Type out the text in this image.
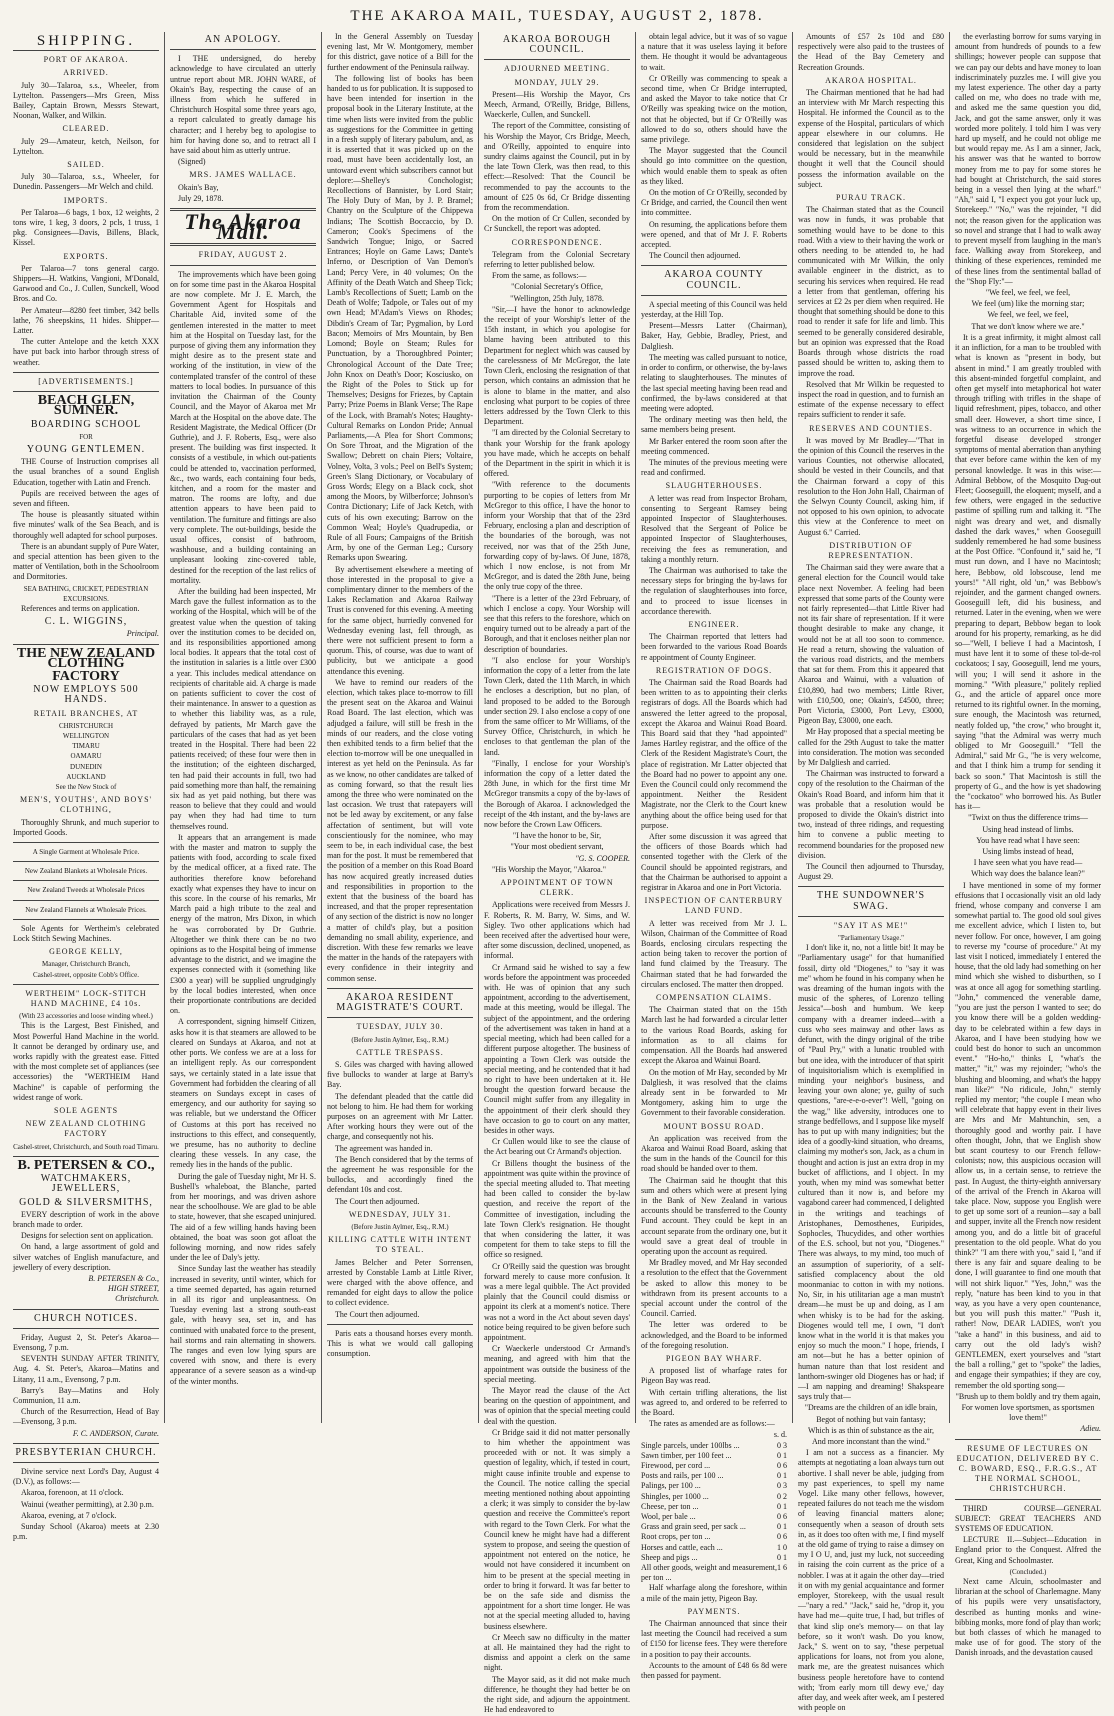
THE AKAROA MAIL, TUESDAY, AUGUST 2, 1878.
SHIPPING.
PORT OF AKAROA.
ARRIVED.

July 30—Talaroa, s.s., Wheeler, from Lyttelton. Passengers—Mrs Green, Miss Bailey, Captain Brown, Messrs Stewart, Noonan, Walker, and Wilkin.

CLEARED.

July 29—Amateur, ketch, Neilson, for Lyttelton.

SAILED.

July 30—Talaroa, s.s., Wheeler, for Dunedin. Passengers—Mr Welch and child.

IMPORTS.

Per Talaroa—6 bags, 1 box, 12 weights, 2 tons wire, 1 keg, 3 doors, 2 pcls, 1 truss, 1 pkg. Consignees—Davis, Billens, Black, Kissel.

EXPORTS.

Per Talaroa—7 tons general cargo. Shippers—H. Watkins, Vangioni, M'Donald, Garwood and Co., J. Cullen, Sunckell, Wood Bros. and Co.

Per Amateur—8280 feet timber, 342 bells lathe, 76 sheepskins, 11 hides. Shipper—Latter.

The cutter Antelope and the ketch XXX have put back into harbor through stress of weather.

[ADVERTISEMENTS.]
BEACH GLEN, SUMNER.
BOARDING SCHOOL
FOR
YOUNG GENTLEMEN.

THE Course of Instruction comprises all the usual branches of a sound English Education, together with Latin and French.

Pupils are received between the ages of seven and fifteen.

The house is pleasantly situated within five minutes' walk of the Sea Beach, and is thoroughly well adapted for school purposes.

There is an abundant supply of Pure Water, and special attention has been given to the matter of Ventilation, both in the Schoolroom and Dormitories.

SEA BATHING, CRICKET, PEDESTRIAN EXCURSIONS.

References and terms on application.

C. L. WIGGINS,
Principal.
THE NEW ZEALAND CLOTHING
FACTORY
NOW EMPLOYS 500 HANDS.
RETAIL BRANCHES, AT
CHRISTCHURCH
WELLINGTON
TIMARU
OAMARU
DUNEDIN
AUCKLAND
See the New Stock of
MEN'S, YOUTHS', AND BOYS' CLOTHING,

Thoroughly Shrunk, and much superior to Imported Goods.

A Single Garment at Wholesale Price.
New Zealand Blankets at Wholesale Prices.
New Zealand Tweeds at Wholesale Prices
New Zealand Flannels at Wholesale Prices.

Sole Agents for Wertheim's celebrated Lock Stitch Sewing Machines.

GEORGE KELLY,
Manager, Christchurch Branch,
Cashel-street, opposite Cobb's Office.
WERTHEIM" LOCK-STITCH HAND MACHINE, £4 10s.
(With 23 accessories and loose winding wheel.)

This is the Largest, Best Finished, and Most Powerful Hand Machine in the world. It cannot be deranged by ordinary use, and works rapidly with the greatest ease. Fitted with the most complete set of appliances (see accessories) the "WERTHEIM Hand Machine" is capable of performing the widest range of work.

SOLE AGENTS
NEW ZEALAND CLOTHING FACTORY
Cashel-street, Christchurch, and South road Timaru.
B. PETERSEN & CO.,
WATCHMAKERS, JEWELLERS,
GOLD & SILVERSMITHS,

EVERY description of work in the above branch made to order.

Designs for selection sent on application.

On hand, a large assortment of gold and silver watches of English manufacture, and jewellery of every description.

B. PETERSEN & Co.,
HIGH STREET,
Christchurch.
CHURCH NOTICES.

Friday, August 2, St. Peter's Akaroa—Evensong, 7 p.m.

SEVENTH SUNDAY AFTER TRINITY, Aug. 4. St. Peter's, Akaroa—Matins and Litany, 11 a.m., Evensong, 7 p.m.

Barry's Bay—Matins and Holy Communion, 11 a.m.

Church of the Resurrection, Head of Bay—Evensong, 3 p.m.

F. C. ANDERSON, Curate.
PRESBYTERIAN CHURCH.

Divine service next Lord's Day, August 4 (D.V.), as follows:—

Akaroa, forenoon, at 11 o'clock.

Wainui (weather permitting), at 2.30 p.m.

Akaroa, evening, at 7 o'clock.

Sunday School (Akaroa) meets at 2.30 p.m.

AN APOLOGY.

I THE undersigned, do hereby acknowledge to have circulated an utterly untrue report about MR. JOHN WARE, of Okain's Bay, respecting the cause of an illness from which he suffered in Christchurch Hospital some three years ago, a report calculated to greatly damage his character; and I hereby beg to apologise to him for having done so, and to retract all I have said about him as utterly untrue.

(Signed)

MRS. JAMES WALLACE.

Okain's Bay,

July 29, 1878.

The Akaroa Mail.
FRIDAY, AUGUST 2.

The improvements which have been going on for some time past in the Akaroa Hospital are now complete. Mr J. E. March, the Government Agent for Hospitals and Charitable Aid, invited some of the gentlemen interested in the matter to meet him at the Hospital on Tuesday last, for the purpose of giving them any information they might desire as to the present state and working of the institution, in view of the contemplated transfer of the control of these matters to local bodies. In pursuance of this invitation the Chairman of the County Council, and the Mayor of Akaroa met Mr March at the Hospital on the above date. The Resident Magistrate, the Medical Officer (Dr Guthrie), and J. F. Roberts, Esq., were also present. The building was first inspected. It consists of a vestibule, in which out-patients could be attended to, vaccination performed, &c., two wards, each containing four beds, kitchen, and a room for the master and matron. The rooms are lofty, and due attention appears to have been paid to ventilation. The furniture and fittings are also very complete. The out-buildings, beside the usual offices, consist of bathroom, washhouse, and a building containing an unpleasant looking zinc-covered table, destined for the reception of the last relics of mortality.

After the building had been inspected, Mr March gave the fullest information as to the working of the Hospital, which will be of the greatest value when the question of taking over the institution comes to be decided on, and its responsibilities apportioned among local bodies. It appears that the total cost of the institution in salaries is a little over £300 a year. This includes medical attendance on recipients of charitable aid. A charge is made on patients sufficient to cover the cost of their maintenance. In answer to a question as to whether this liability was, as a rule, defrayed by patients, Mr March gave the particulars of the cases that had as yet been treated in the Hospital. There had been 22 patients received; of these four were then in the institution; of the eighteen discharged, ten had paid their accounts in full, two had paid something more than half, the remaining six had as yet paid nothing, but there was reason to believe that they could and would pay when they had had time to turn themselves round.

It appears that an arrangement is made with the master and matron to supply the patients with food, according to scale fixed by the medical officer, at a fixed rate. The authorities therefore know beforehand exactly what expenses they have to incur on this score. In the course of his remarks, Mr March paid a high tribute to the zeal and energy of the matron, Mrs Dixon, in which he was corroborated by Dr Guthrie. Altogether we think there can be no two opinions as to the Hospital being of immense advantage to the district, and we imagine the expenses connected with it (something like £300 a year) will be supplied ungrudgingly by the local bodies interested, when once their proportionate contributions are decided on.

A correspondent, signing himself Citizen, asks how it is that steamers are allowed to be cleared on Sundays at Akaroa, and not at other ports. We confess we are at a loss for an intelligent reply. As our correspondent says, we certainly stated in a late issue that Government had forbidden the clearing of all steamers on Sundays except in cases of emergency, and our authority for saying so was reliable, but we understand the Officer of Customs at this port has received no instructions to this effect, and consequently, we presume, has no authority to decline clearing these vessels. In any case, the remedy lies in the hands of the public.

During the gale of Tuesday night, Mr H. S. Bushell's whaleboat, the Blanche, parted from her moorings, and was driven ashore near the schoolhouse. We are glad to be able to state, however, that she escaped uninjured. The aid of a few willing hands having been obtained, the boat was soon got afloat the following morning, and now rides safely under the lee of Daly's jetty.

Since Sunday last the weather has steadily increased in severity, until winter, which for a time seemed departed, has again returned in all its rigor and unpleasantness. On Tuesday evening last a strong south-east gale, with heavy sea, set in, and has continued with unabated force to the present, hail storms and rain alternating in showers. The ranges and even low lying spurs are covered with snow, and there is every appearance of a severe season as a wind-up of the winter months.

In the General Assembly on Tuesday evening last, Mr W. Montgomery, member for this district, gave notice of a Bill for the further endowment of the Peninsula railway.

The following list of books has been handed to us for publication. It is supposed to have been intended for insertion in the proposal book in the Literary Institute, at the time when lists were invited from the public as suggestions for the Committee in getting in a fresh supply of literary pabulum, and, as it is asserted that it was picked up on the road, must have been accidentally lost, an untoward event which subscribers cannot but deplore:—Shelley's Conchologist; Recollections of Bannister, by Lord Stair; The Holy Duty of Man, by J. P. Bramel; Chantry on the Sculpture of the Chippewa Indians; The Scottish Boccaccio, by D. Cameron; Cook's Specimens of the Sandwich Tongue; Inigo, or Sacred Entrances; Hoyle on Game Laws; Dante's Inferno, or Description of Van Demon's Land; Percy Vere, in 40 volumes; On the Affinity of the Death Watch and Sheep Tick; Lamb's Recollections of Suett; Lamb on the Death of Wolfe; Tadpole, or Tales out of my own Head; M'Adam's Views on Rhodes; Dibdin's Cream of Tar; Pygmalion, by Lord Bacon; Memoirs of Mrs Mountain, by Ben Lomond; Boyle on Steam; Rules for Punctuation, by a Thoroughbred Pointer; Chronological Account of the Date Tree; John Knox on Death's Door; Kosciusko, on the Right of the Poles to Stick up for Themselves; Designs for Friezes, by Captain Parry; Prize Poems in Blank Verse; The Rape of the Lock, with Bramah's Notes; Haughty-Cultural Remarks on London Pride; Annual Parliaments,—A Plea for Short Commons; On Sore Throat, and the Migration of the Swallow; Debrett on chain Piers; Voltaire, Volney, Volta, 3 vols.; Peel on Bell's System; Green's Slang Dictionary, or Vocabulary of Gross Words; Elegy on a Black cock, shot among the Moors, by Wilberforce; Johnson's Contra Dictionary; Life of Jack Ketch, with cuts of his own executing; Barrow on the Common Weal; Hoyle's Quadrupedia, or Rule of all Fours; Campaigns of the British Arm, by one of the German Leg.; Cursory Remarks upon Swearing.

By advertisement elsewhere a meeting of those interested in the proposal to give a complimentary dinner to the members of the Lakes Reclamation and Akaroa Railway Trust is convened for this evening. A meeting for the same object, hurriedly convened for Wednesday evening last, fell through, as there were not sufficient present to form a quorum. This, of course, was due to want of publicity, but we anticipate a good attendance this evening.

We have to remind our readers of the election, which takes place to-morrow to fill the present seat on the Akaroa and Wainui Road Board. The last election, which was adjudged a failure, will still be fresh in the minds of our readers, and the close voting then exhibited tends to a firm belief that the election to-morrow will be one unequalled in interest as yet held on the Peninsula. As far as we know, no other candidates are talked of as coming forward, so that the result lies among the three who were nominated on the last occasion. We trust that ratepayers will not be led away by excitement, or any false affectation of sentiment, but will vote conscientiously for the nominee, who may seem to be, in each individual case, the best man for the post. It must be remembered that the position of a member on this Road Board has now acquired greatly increased duties and responsibilities in proportion to the extent that the business of the board has increased, and that the proper representation of any section of the district is now no longer a matter of child's play, but a position demanding no small ability, experience, and discretion. With these few remarks we leave the matter in the hands of the ratepayers with every confidence in their integrity and common sense.

AKAROA RESIDENT MAGISTRATE'S COURT.
TUESDAY, JULY 30.
(Before Justin Aylmer, Esq., R.M.)
CATTLE TRESPASS.

S. Giles was charged with having allowed five bullocks to wander at large at Barry's Bay.

The defendant pleaded that the cattle did not belong to him. He had them for working purposes on an agreement with Mr Latter. After working hours they were out of the charge, and consequently not his.

The agreement was handed in.

The Bench considered that by the terms of the agreement he was responsible for the bullocks, and accordingly fined the defendant 10s and cost.

The Court then adjourned.

WEDNESDAY, JULY 31.
(Before Justin Aylmer, Esq., R.M.)
KILLING CATTLE WITH INTENT TO STEAL.

James Belcher and Peter Sorrensen, arrested by Constable Lamb at Little River, were charged with the above offence, and remanded for eight days to allow the police to collect evidence.

The Court then adjourned.

Paris eats a thousand horses every month. This is what we would call galloping consumption.

AKAROA BOROUGH COUNCIL.
ADJOURNED MEETING.
MONDAY, JULY 29.

Present—His Worship the Mayor, Crs Meech, Armand, O'Reilly, Bridge, Billens, Waeckerle, Cullen, and Sunckell.

The report of the Committee, consisting of his Worship the Mayor, Crs Bridge, Meech, and O'Reilly, appointed to enquire into sundry claims against the Council, put in by the late Town Clerk, was then read, to this effect:—Resolved: That the Council be recommended to pay the accounts to the amount of £25 0s 6d, Cr Bridge dissenting from the recommendation.

On the motion of Cr Cullen, seconded by Cr Sunckell, the report was adopted.

CORRESPONDENCE.

Telegram from the Colonial Secretary referring to letter published below.

From the same, as follows:—

"Colonial Secretary's Office,

"Wellington, 25th July, 1878.

"Sir,—I have the honor to acknowledge the receipt of your Worship's letter of the 15th instant, in which you apologise for blame having been attributed to this Department for neglect which was caused by the carelessness of Mr McGregor, the late Town Clerk, enclosing the resignation of that person, which contains an admission that he is alone to blame in the matter, and also enclosing what purport to be copies of three letters addressed by the Town Clerk to this Department.

"I am directed by the Colonial Secretary to thank your Worship for the frank apology you have made, which he accepts on behalf of the Department in the spirit in which it is offered.

"With reference to the documents purporting to be copies of letters from Mr McGregor to this office, I have the honor to inform your Worship that that of the 23rd February, enclosing a plan and description of the boundaries of the borough, was not received, nor was that of the 25th June, forwarding copy of by-laws. Of June, 1878, which I now enclose, is not from Mr McGregor, and is dated the 28th June, being the only true copy of the three.

"There is a letter of the 23rd February, of which I enclose a copy. Your Worship will see that this refers to the foreshore, which on enquiry turned out to be already a part of the Borough, and that it encloses neither plan nor description of boundaries.

"I also enclose for your Worship's information the copy of a letter from the late Town Clerk, dated the 11th March, in which he encloses a description, but no plan, of land proposed to be added to the Borough under section 29. I also enclose a copy of one from the same officer to Mr Williams, of the Survey Office, Christchurch, in which he encloses to that gentleman the plan of the land.

"Finally, I enclose for your Worship's information the copy of a letter dated the 28th June, in which for the first time Mr McGregor transmits a copy of the by-laws of the Borough of Akaroa. I acknowledged the receipt of the 4th instant, and the by-laws are now before the Crown Law Officers.

"I have the honor to be, Sir,

"Your most obedient servant,

"G. S. COOPER.

"His Worship the Mayor, "Akaroa."

APPOINTMENT OF TOWN CLERK.

Applications were received from Messrs J. F. Roberts, R. M. Barry, W. Sims, and W. Sigley. Two other applications which had been received after the advertised hour were, after some discussion, declined, unopened, as informal.

Cr Armand said he wished to say a few words before the appointment was proceeded with. He was of opinion that any such appointment, according to the advertisement, made at this meeting, would be illegal. The subject of the appointment, and the ordering of the advertisement was taken in hand at a special meeting, which had been called for a different purpose altogether. The business of appointing a Town Clerk was outside the special meeting, and he contended that it had no right to have been undertaken at it. He brought the question forward because the Council might suffer from any illegality in the appointment of their clerk should they have occasion to go to court on any matter, besides in other ways.

Cr Cullen would like to see the clause of the Act bearing out Cr Armand's objection.

Cr Billens thought the business of the appointment was quite within the province of the special meeting alluded to. That meeting had been called to consider the by-law question, and receive the report of the Committee of investigation, including the late Town Clerk's resignation. He thought that when considering the latter, it was competent for them to take steps to fill the office so resigned.

Cr O'Reilly said the question was brought forward merely to cause more confusion. It was a mere legal quibble. The Act provided plainly that the Council could dismiss or appoint its clerk at a moment's notice. There was not a word in the Act about seven days' notice being required to be given before such appointment.

Cr Waeckerle understood Cr Armand's meaning, and agreed with him that the appointment was outside the business of the special meeting.

The Mayor read the clause of the Act bearing on the question of appointment, and was of opinion that the special meeting could deal with the question.

Cr Bridge said it did not matter personally to him whether the appointment was proceeded with or not. It was simply a question of legality, which, if tested in court, might cause infinite trouble and expense to the Council. The notice calling the special meeting mentioned nothing about appointing a clerk; it was simply to consider the by-law question and receive the Committee's report with regard to the Town Clerk. For what the Council knew he might have had a different system to propose, and seeing the question of appointment not entered on the notice, he would not have considered it incumbent on him to be present at the special meeting in order to bring it forward. It was far better to be on the safe side and dismiss the appointment for a short time longer. He was not at the special meeting alluded to, having business elsewhere.

Cr Meech saw no difficulty in the matter at all. He maintained they had the right to dismiss and appoint a clerk on the same night.

The Mayor said, as it did not make much difference, he thought they had better be on the right side, and adjourn the appointment. He had endeavored to

obtain legal advice, but it was of so vague a nature that it was useless laying it before them. He thought it would be advantageous to wait.

Cr O'Reilly was commencing to speak a second time, when Cr Bridge interrupted, and asked the Mayor to take notice that Cr O'Reilly was speaking twice on the motion, not that he objected, but if Cr O'Reilly was allowed to do so, others should have the same privilege.

The Mayor suggested that the Council should go into committee on the question, which would enable them to speak as often as they liked.

On the motion of Cr O'Reilly, seconded by Cr Bridge, and carried, the Council then went into committee.

On resuming, the applications before them were opened, and that of Mr J. F. Roberts accepted.

The Council then adjourned.

AKAROA COUNTY COUNCIL.

A special meeting of this Council was held yesterday, at the Hill Top.

Present—Messrs Latter (Chairman), Baker, Hay, Gebbie, Bradley, Priest, and Dalgliesh.

The meeting was called pursuant to notice, in order to confirm, or otherwise, the by-laws relating to slaughterhouses. The minutes of the last special meeting having been read and confirmed, the by-laws considered at that meeting were adopted.

The ordinary meeting was then held, the same members being present.

Mr Barker entered the room soon after the meeting commenced.

The minutes of the previous meeting were read and confirmed.

SLAUGHTERHOUSES.

A letter was read from Inspector Broham, consenting to Sergeant Ramsey being appointed Inspector of Slaughterhouses. Resolved that the Sergeant of Police be appointed Inspector of Slaughterhouses, receiving the fees as remuneration, and taking a monthly return.

The Chairman was authorised to take the necessary steps for bringing the by-laws for the regulation of slaughterhouses into force, and to proceed to issue licenses in accordance therewith.

ENGINEER.

The Chairman reported that letters had been forwarded to the various Road Boards re appointment of County Engineer.

REGISTRATION OF DOGS.

The Chairman said the Road Boards had been written to as to appointing their clerks registrars of dogs. All the Boards which had answered the letter agreed to the proposal, except the Akaroa and Wainui Road Board. This Board said that they "had appointed" James Hartley registrar, and the office of the Clerk of the Resident Magistrate's Court, the place of registration. Mr Latter objected that the Board had no power to appoint any one. Even the Council could only recommend the appointment. Neither the Resident Magistrate, nor the Clerk to the Court knew anything about the office being used for that purpose.

After some discussion it was agreed that the officers of those Boards which had consented together with the Clerk of the Council should be appointed registrars, and that the Chairman be authorised to appoint a registrar in Akaroa and one in Port Victoria.

INSPECTION OF CANTERBURY LAND FUND.

A letter was received from Mr J. L. Wilson, Chairman of the Committee of Road Boards, enclosing circulars respecting the action being taken to recover the portion of land fund claimed by the Treasury. The Chairman stated that he had forwarded the circulars enclosed. The matter then dropped.

COMPENSATION CLAIMS.

The Chairman stated that on the 15th March last he had forwarded a circular letter to the various Road Boards, asking for information as to all claims for compensation. All the Boards had answered except the Akaroa and Wainui Board.

On the motion of Mr Hay, seconded by Mr Dalgliesh, it was resolved that the claims already sent in be forwarded to Mr Montgomery, asking him to urge the Government to their favorable consideration.

MOUNT BOSSU ROAD.

An application was received from the Akaroa and Wainui Road Board, asking that the sum in the hands of the Council for this road should be handed over to them.

The Chairman said he thought that this sum and others which were at present lying in the Bank of New Zealand in various accounts should be transferred to the County Fund account. They could be kept in an account separate from the ordinary one, but it would save a great deal of trouble in operating upon the account as required.

Mr Bradley moved, and Mr Hay seconded a resolution to the effect that the Government be asked to allow this money to be withdrawn from its present accounts to a special account under the control of the Council. Carried.

The letter was ordered to be acknowledged, and the Board to be informed of the foregoing resolution.

PIGEON BAY WHARF.

A proposed list of wharfage rates for Pigeon Bay was read.

With certain trifling alterations, the list was agreed to, and ordered to be referred to the Board.

The rates as amended are as follows:—

s. d.
Single parcels, under 100lbs ...	0 3
Sawn timber, per 100 feet ...	0 1
Firewood, per cord ...	0 6
Posts and rails, per 100 ...	0 1
Palings, per 100 ...	0 3
Shingles, per 1000 ...	0 2
Cheese, per ton ...	0 1
Wool, per bale ...	0 6
Grass and grain seed, per sack ...	0 1
Root crops, per ton ...	0 6
Horses and cattle, each ...	1 0
Sheep and pigs ...	0 1
All other goods, weight and measurement, per ton ...
1 6

Half wharfage along the foreshore, within a mile of the main jetty, Pigeon Bay.

PAYMENTS.

The Chairman announced that since their last meeting the Council had received a sum of £150 for license fees. They were therefore in a position to pay their accounts.

Accounts to the amount of £48 6s 8d were then passed for payment.

Amounts of £57 2s 10d and £80 respectively were also paid to the trustees of the Head of the Bay Cemetery and Recreation Grounds.

AKAROA HOSPITAL.

The Chairman mentioned that he had had an interview with Mr March respecting this Hospital. He informed the Council as to the expense of the Hospital, particulars of which appear elsewhere in our columns. He considered that legislation on the subject would be necessary, but in the meanwhile thought it well that the Council should possess the information available on the subject.

PURAU TRACK.

The Chairman stated that as the Council was now in funds, it was probable that something would have to be done to this road. With a view to their having the work or others needing to be attended to, he had communicated with Mr Wilkin, the only available engineer in the district, as to securing his services when required. He read a letter from that gentleman, offering his services at £2 2s per diem when required. He thought that something should be done to this road to render it safe for life and limb. This seemed to be generally considered desirable, but an opinion was expressed that the Road Boards through whose districts the road passed should be written to, asking them to improve the road.

Resolved that Mr Wilkin be requested to inspect the road in question, and to furnish an estimate of the expense necessary to effect repairs sufficient to render it safe.

RESERVES AND COUNTIES.

It was moved by Mr Bradley—"That in the opinion of this Council the reserves in the various Counties, not otherwise allocated, should be vested in their Councils, and that the Chairman forward a copy of this resolution to the Hon John Hall, Chairman of the Selwyn County Council, asking him, if not opposed to his own opinion, to advocate this view at the Conference to meet on August 6." Carried.

DISTRIBUTION OF REPRESENTATION.

The Chairman said they were aware that a general election for the Council would take place next November. A feeling had been expressed that some parts of the County were not fairly represented—that Little River had not its fair share of representation. If it were thought desirable to make any change, it would not be at all too soon to commence. He read a return, showing the valuation of the various road districts, and the members that sat for them. From this it appeared that Akaroa and Wainui, with a valuation of £10,890, had two members; Little River, with £10,500, one; Okain's, £4500, three; Port Victoria, £3000, Port Levy, £3000, Pigeon Bay, £3000, one each.

Mr Hay proposed that a special meeting be called for the 29th August to take the matter into consideration. The motion was seconded by Mr Dalgliesh and carried.

The Chairman was instructed to forward a copy of the resolution to the Chairman of the Okain's Road Board, and inform him that it was probable that a resolution would be proposed to divide the Okain's district into two, instead of three ridings, and requesting him to convene a public meeting to recommend boundaries for the proposed new division.

The Council then adjourned to Thursday, August 29.

THE SUNDOWNER'S SWAG.
"SAY IT AS ME!"
"Parliamentary Usage."

I don't like it, no, not a little bit! It may be "Parliamentary usage" for that humanified fossil, dirty old "Diogenes," to "say it was me" whom he found in his company when he was dreaming of the human ingots with the music of the spheres, of Lorenzo telling Jessica"—bosh and humbum. We keep company with a dreamer indeed—with a cuss who sees mainway and other laws as defunct, with the dingy original of the tribe of "Paul Pry," with a lunatic troubled with but one idea, with the introducer of that spirit of inquisitorialism which is exemplified in minding your neighbor's business, and leaving your own alone; ye, guilty of such questions, "are-e-e-o-ever"! Well, "going on the wag," like adversity, introduces one to strange bedfellows, and I suppose like myself has to put up with many indignities; but the idea of a goodly-kind situation, who dreams, claiming my mother's son, Jack, as a chum in thought and action is just an extra drop in my bucket of afflictions, and I object. In my youth, when my mind was somewhat better cultured than it now is, and before my vagabond career had commenced, I delighted in the writings and teachings of Aristophanes, Demosthenes, Euripides, Sophocles, Thucydides, and other worthies of the E.S. school, but not you, "Diogenes." There was always, to my mind, too much of an assumption of superiority, of a self-satisfied complacency about the old moonmaniac to cotton in with my notions. No, Sir, in his utilitarian age a man mustn't dream—he must be up and doing, as I am when whisky is to be had for the asking. Diogenes would tell me, I own, "I don't know what in the world it is that makes you enjoy so much the moon." I hope, friends, I am not—but he has a better opinion of human nature than that lost resident and lanthorn-swinger old Diogenes has or had; if—I am napping and dreaming! Shakspeare says truly that—

"Dreams are the children of an idle brain,

Begot of nothing but vain fantasy;

Which is as thin of substance as the air,

And more inconstant than the wind."

I am not a success as a financier. My attempts at negotiating a loan always turn out abortive. I shall never be able, judging from my past experiences, to spell my name Vogel. Like many other fellows, however, repeated failures do not teach me the wisdom of leaving financial matters alone; consequently when a season of drouth sets in, as it does too often with me, I find myself at the old game of trying to raise a dimsey on my I O U, and, just my luck, not succeeding in raising the coin current as the price of a nobbler. I was at it again the other day—tried it on with my genial acquaintance and former employer, Storekeep, with the usual result —"nary a red." "Jack," said he, "drop it, you have had me—quite true, I had, but trifles of that kind slip one's memory— on that lay before, so it won't wash. Do you know, Jack," S. went on to say, "these perpetual applications for loans, not from you alone, mark me, are the greatest nuisances which business people heretofore have to contend with; 'from early morn till dewy eve,' day after day, and week after week, am I pestered with people on

the everlasting borrow for sums varying in amount from hundreds of pounds to a few shillings; however people can suppose that we can pay our debts and have money to loan indiscriminately puzzles me. I will give you my latest experience. The other day a party called on me, who does no trade with me, and asked me the same question you did, Jack, and got the same answer, only it was worded more politely. I told him I was very hard up myself, and he could not oblige me but would repay me. As I am a sinner, Jack, his answer was that he wanted to borrow money from me to pay for some stores he had bought at Christchurch, the said stores being in a vessel then lying at the wharf." "Ah," said I, "I expect you got your luck up, Storekeep." "No," was the rejoinder, "I did not; the reason given for the application was so novel and strange that I had to walk away to prevent myself from laughing in the man's face. Walking away from Storekeep, and thinking of these experiences, reminded me of these lines from the sentimental ballad of the "Shop Fly:"—

"We feel, we feel, we feel,

We feel (um) like the morning star;

We feel, we feel, we feel,

That we don't know where we are."

It is a great infirmity, it might almost call it an infliction, for a man to be troubled with what is known as "present in body, but absent in mind." I am greatly troubled with this absent-minded forgetful complaint, and often get myself into metaphorical hot water through trifling with trifles in the shape of liquid refreshment, pipes, tobacco, and other small deer. However, a short time since, I was witness to an occurrence in which the forgetful disease developed stronger symptoms of mental aberration than anything that ever before came within the ken of my personal knowledge. It was in this wise:—Admiral Bebbow, of the Mosquito Dug-out Fleet; Gooseguill, the eloquent; myself, and a few others, were engaged in the seductive pastime of spilling rum and talking it. "The night was dreary and wet, and dismally dashed the dark waves," when Gooseguill suddenly remembered he had some business at the Post Office. "Confound it," said he, "I must run down, and I have no Macintosh; here, Bebbow, old lobscouse, lend me yours!" "All right, old 'un," was Bebbow's rejoinder, and the garment changed owners. Gooseguill left, did his business, and returned. Later in the evening, when we were preparing to depart, Bebbow began to look around for his property, remarking, as he did so—"Well, I believe I had a Macintosh, I must have lent it to some of these tol-de-rol cockatoos; I say, Gooseguill, lend me yours, will you; I will send it ashore in the morning." "With pleasure," politely replied G., and the article of apparel once more returned to its rightful owner. In the morning, sure enough, the Macintosh was returned, neatly folded up, "the crow," who brought it, saying "that the Admiral was werry much obliged to Mr Gooseguill." "Tell the Admiral," said Mr G., "he is very welcome, and that I think him a trump for sending it back so soon." That Macintosh is still the property of G., and the how is yet shadowing the "cockatoo" who borrowed his. As Butler has it—

"Twixt on thus the difference trims—

Using head instead of limbs.

You have read what I have seen:

Using limbs instead of head,

I have seen what you have read—

Which way does the balance lean?"

I have mentioned in some of my former effusions that I occasionally visit an old lady friend, whose company and converse I am somewhat partial to. The good old soul gives me excellent advice, which I listen to, but never follow. For once, however, I am going to reverse my "course of procedure." At my last visit I noticed, immediately I entered the house, that the old lady had something on her mind which she wished to disburthen, so I was at once all agog for something startling. "John," commenced the venerable dame, "you are just the person I wanted to see; do you know there will be a golden wedding-day to be celebrated within a few days in Akaroa, and I have been studying how we could best do honor to such an uncommon event." "Ho-ho," thinks I, "what's the matter," "it," was my rejoinder; "who's the blushing and blooming, and what's the happy man like?" "No ridicule, John," sternly replied my mentor; "the couple I mean who will celebrate that happy event in their lives are Mrs and Mr Mahtunchin, sen, a thoroughly good and worthy pair. I have often thought, John, that we English show but scant courtesy to our French fellow-colonists; now, this auspicious occasion will allow us, in a certain sense, to retrieve the past. In August, the thirty-eighth anniversary of the arrival of the French in Akaroa will take place. Now, suppose you English were to get up some sort of a reunion—say a ball and supper, invite all the French now resident among you, and do a little bit of graceful presentation to the old people. What do you think?" "I am there with you," said I, "and if there is any fair and square dealing to be done, I will guarantee to find one mouth that will not shirk liquor." "Yes, John," was the reply, "nature has been kind to you in that way, as you have a very open countenance, but you will push this matter." "Push it, rather! Now, DEAR LADIES, won't you "take a hand" in this business, and aid to carry out the old lady's wish? GENTLEMEN, exert yourselves and "start the ball a rolling," get to "spoke" the ladies, and engage their sympathies; if they are coy, remember the old sporting song—

"Brush up to them boldly and try them again,

For women love sportsmen, as sportsmen love them!"

Adieu.

RESUME OF LECTURES ON EDUCATION, DELIVERED BY C. C. BOWARD, ESQ., F.R.G.S., AT THE NORMAL SCHOOL, CHRISTCHURCH.

THIRD COURSE—GENERAL SUBJECT: GREAT TEACHERS AND SYSTEMS OF EDUCATION.

LECTURE II.—Subject—Education in England prior to the Conquest. Alfred the Great, King and Schoolmaster.

(Concluded.)

Next came Alcuin, schoolmaster and librarian at the school of Charlemagne. Many of his pupils were very unsatisfactory, described as hunting monks and wine-bibbing monks, more fond of play than work; but both classes of which he managed to make use of for good. The story of the Danish inroads, and the devastation caused
